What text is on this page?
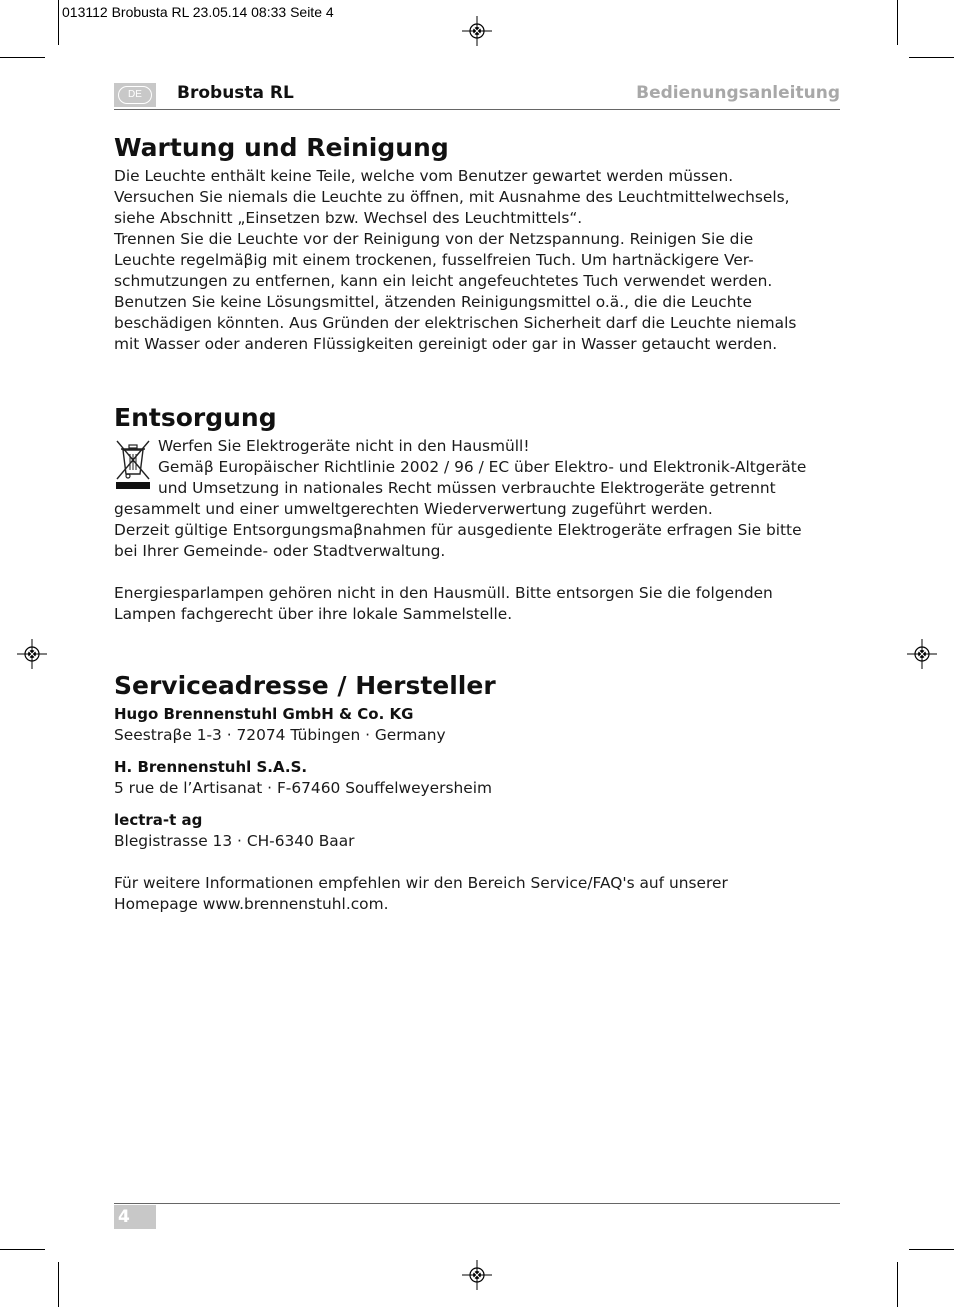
013112 Brobusta RL 23.05.14 08:33 Seite 4
DE	Brobusta RL	Bedienungsanleitung
Wartung und Reinigung

Die Leuchte enthält keine Teile, welche vom Benutzer gewartet werden müssen.
Versuchen Sie niemals die Leuchte zu öffnen, mit Ausnahme des Leuchtmittelwechsels,
siehe Abschnitt „Einsetzen bzw. Wechsel des Leuchtmittels“.
Trennen Sie die Leuchte vor der Reinigung von der Netzspannung. Reinigen Sie die
Leuchte regelmäβig mit einem trockenen, fusselfreien Tuch. Um hartnäckigere Ver-
schmutzungen zu entfernen, kann ein leicht angefeuchtetes Tuch verwendet werden.
Benutzen Sie keine Lösungsmittel, ätzenden Reinigungsmittel o.ä., die die Leuchte
beschädigen könnten. Aus Gründen der elektrischen Sicherheit darf die Leuchte niemals
mit Wasser oder anderen Flüssigkeiten gereinigt oder gar in Wasser getaucht werden.

Entsorgung

Werfen Sie Elektrogeräte nicht in den Hausmüll!
Gemäβ Europäischer Richtlinie 2002 / 96 / EC über Elektro- und Elektronik-Altgeräte
und Umsetzung in nationales Recht müssen verbrauchte Elektrogeräte getrennt

gesammelt und einer umweltgerechten Wiederverwertung zugeführt werden.
Derzeit gültige Entsorgungsmaβnahmen für ausgediente Elektrogeräte erfragen Sie bitte
bei Ihrer Gemeinde- oder Stadtverwaltung.

Energiesparlampen gehören nicht in den Hausmüll. Bitte entsorgen Sie die folgenden
Lampen fachgerecht über ihre lokale Sammelstelle.

Serviceadresse / Hersteller

Hugo Brennenstuhl GmbH & Co. KG

Seestraβe 1-3 · 72074 Tübingen · Germany

H. Brennenstuhl S.A.S.

5 rue de l’Artisanat · F-67460 Souffelweyersheim

lectra-t ag

Blegistrasse 13 · CH-6340 Baar

Für weitere Informationen empfehlen wir den Bereich Service/FAQ's auf unserer
Homepage www.brennenstuhl.com.

4
